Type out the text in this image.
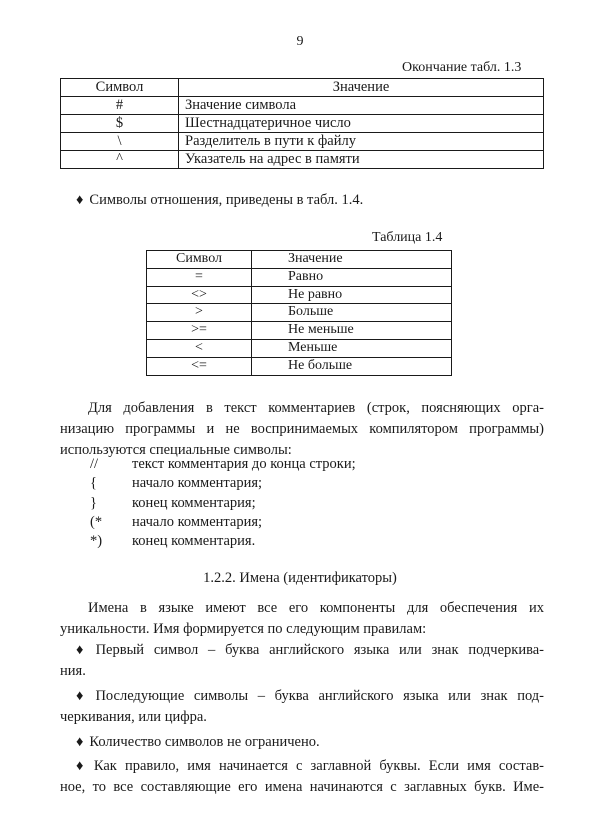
9
Окончание табл. 1.3
Символ	Значение
#	Значение символа
$	Шестнадцатеричное число
\	Разделитель в пути к файлу
^	Указатель на адрес в памяти
♦ Символы отношения, приведены в табл. 1.4.
Таблица 1.4
Символ	Значение
=	Равно
<>	Не равно
>	Больше
>=	Не меньше
<	Меньше
<=	Не больше
Для добавления в текст комментариев (строк, поясняющих орга-
низацию программы и не воспринимаемых компилятором программы)
используются специальные символы:
// текст комментария до конца строки;
{ начало комментария;
} конец комментария;
(* начало комментария;
*) конец комментария.
1.2.2. Имена (идентификаторы)
Имена в языке имеют все его компоненты для обеспечения их
уникальности. Имя формируется по следующим правилам:
♦ Первый символ – буква английского языка или знак подчеркива-
ния.
♦ Последующие символы – буква английского языка или знак под-
черкивания, или цифра.
♦ Количество символов не ограничено.
♦ Как правило, имя начинается с заглавной буквы. Если имя состав-
ное, то все составляющие его имена начинаются с заглавных букв. Име-
